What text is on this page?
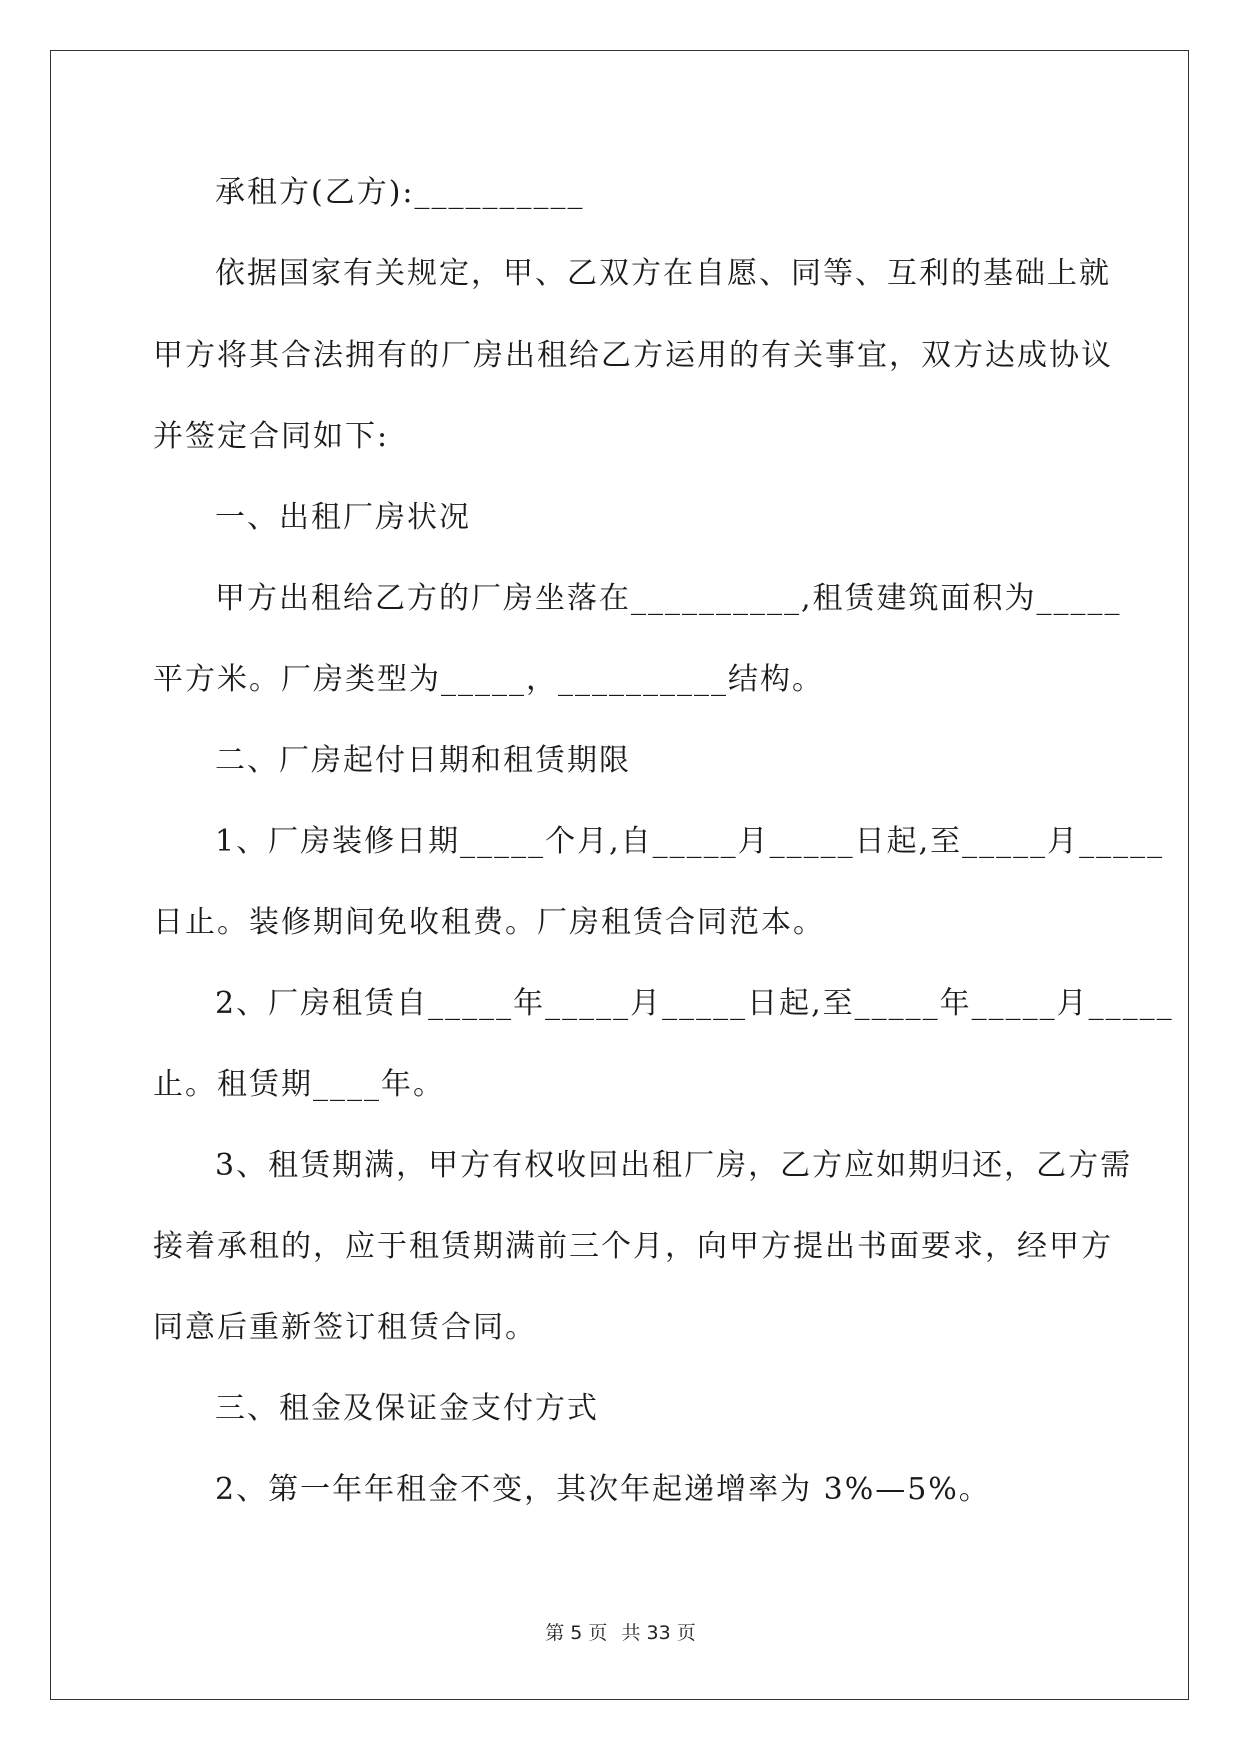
承租方(乙方):__________
依据国家有关规定，甲、乙双方在自愿、同等、互利的基础上就
甲方将其合法拥有的厂房出租给乙方运用的有关事宜，双方达成协议
并签定合同如下:
一、出租厂房状况
甲方出租给乙方的厂房坐落在__________,租赁建筑面积为_____
平方米。厂房类型为_____，__________结构。
二、厂房起付日期和租赁期限
1、厂房装修日期_____个月,自_____月_____日起,至_____月_____
日止。装修期间免收租费。厂房租赁合同范本。
2、厂房租赁自_____年_____月_____日起,至_____年_____月_____
止。租赁期____年。
3、租赁期满，甲方有权收回出租厂房，乙方应如期归还，乙方需
接着承租的，应于租赁期满前三个月，向甲方提出书面要求，经甲方
同意后重新签订租赁合同。
三、租金及保证金支付方式
2、第一年年租金不变，其次年起递增率为 3%—5%。
第 5 页 共 33 页
